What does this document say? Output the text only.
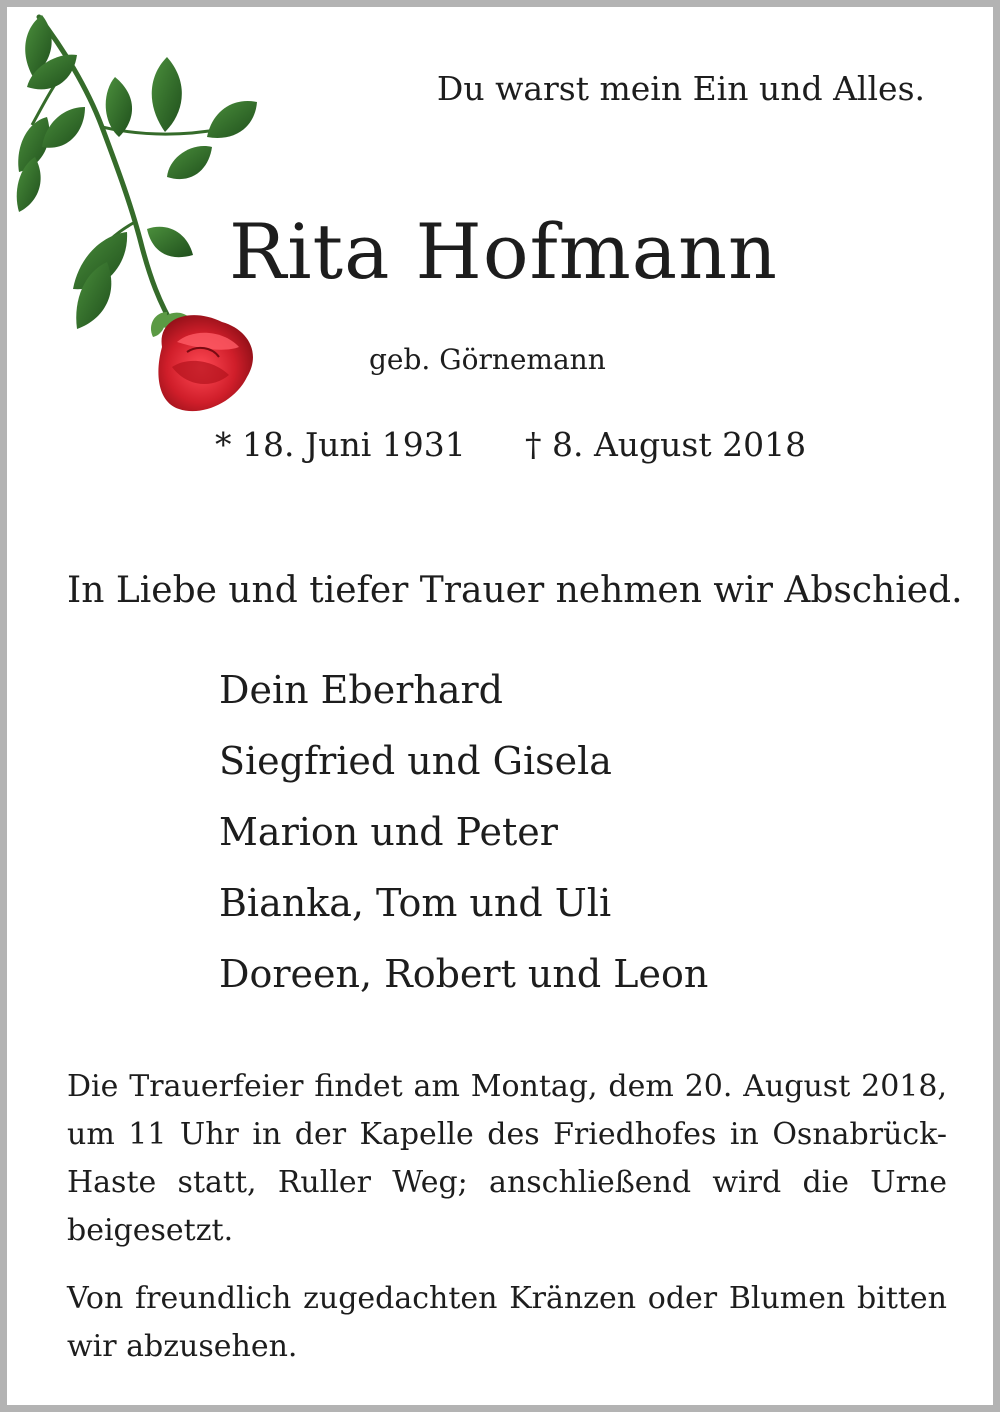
Du warst mein Ein und Alles.
Rita Hofmann
geb. Görnemann
* 18. Juni 1931 † 8. August 2018
In Liebe und tiefer Trauer nehmen wir Abschied.
Dein Eberhard
Siegfried und Gisela
Marion und Peter
Bianka, Tom und Uli
Doreen, Robert und Leon

Die Trauerfeier findet am Montag, dem 20. August 2018, um 11 Uhr in der Kapelle des Friedhofes in Osnabrück-Haste statt, Ruller Weg; anschließend wird die Urne beigesetzt.

Von freundlich zugedachten Kränzen oder Blumen bitten wir abzusehen.
